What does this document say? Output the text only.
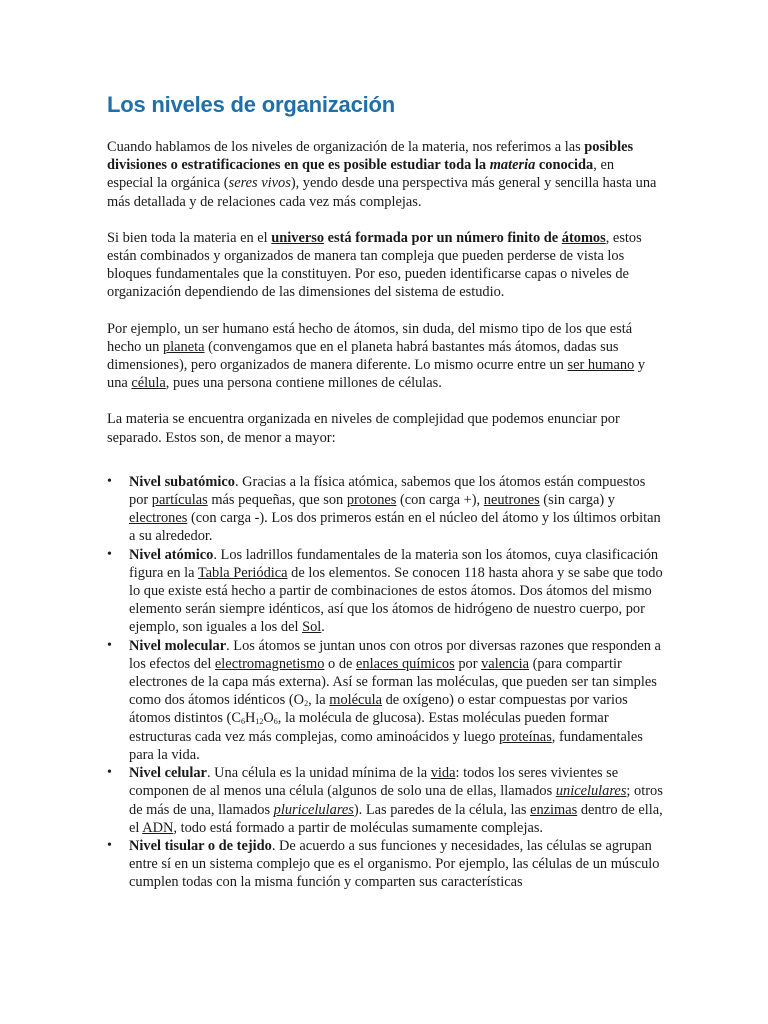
Los niveles de organización

Cuando hablamos de los niveles de organización de la materia, nos referimos a las posibles divisiones o estratificaciones en que es posible estudiar toda la materia conocida, en especial la orgánica (seres vivos), yendo desde una perspectiva más general y sencilla hasta una más detallada y de relaciones cada vez más complejas.

Si bien toda la materia en el universo está formada por un número finito de átomos, estos están combinados y organizados de manera tan compleja que pueden perderse de vista los bloques fundamentales que la constituyen. Por eso, pueden identificarse capas o niveles de organización dependiendo de las dimensiones del sistema de estudio.

Por ejemplo, un ser humano está hecho de átomos, sin duda, del mismo tipo de los que está hecho un planeta (convengamos que en el planeta habrá bastantes más átomos, dadas sus dimensiones), pero organizados de manera diferente. Lo mismo ocurre entre un ser humano y una célula, pues una persona contiene millones de células.

La materia se encuentra organizada en niveles de complejidad que podemos enunciar por separado. Estos son, de menor a mayor:

• Nivel subatómico. Gracias a la física atómica, sabemos que los átomos están compuestos por partículas más pequeñas, que son protones (con carga +), neutrones (sin carga) y electrones (con carga -). Los dos primeros están en el núcleo del átomo y los últimos orbitan a su alrededor.
• Nivel atómico. Los ladrillos fundamentales de la materia son los átomos, cuya clasificación figura en la Tabla Periódica de los elementos. Se conocen 118 hasta ahora y se sabe que todo lo que existe está hecho a partir de combinaciones de estos átomos. Dos átomos del mismo elemento serán siempre idénticos, así que los átomos de hidrógeno de nuestro cuerpo, por ejemplo, son iguales a los del Sol.
• Nivel molecular. Los átomos se juntan unos con otros por diversas razones que responden a los efectos del electromagnetismo o de enlaces químicos por valencia (para compartir electrones de la capa más externa). Así se forman las moléculas, que pueden ser tan simples como dos átomos idénticos ($O_2$, la molécula de oxígeno) o estar compuestas por varios átomos distintos ($C_6H_{12}O_6$, la molécula de glucosa). Estas moléculas pueden formar estructuras cada vez más complejas, como aminoácidos y luego proteínas, fundamentales para la vida.
• Nivel celular. Una célula es la unidad mínima de la vida: todos los seres vivientes se componen de al menos una célula (algunos de solo una de ellas, llamados unicelulares; otros de más de una, llamados pluricelulares). Las paredes de la célula, las enzimas dentro de ella, el ADN, todo está formado a partir de moléculas sumamente complejas.
• Nivel tisular o de tejido. De acuerdo a sus funciones y necesidades, las células se agrupan entre sí en un sistema complejo que es el organismo. Por ejemplo, las células de un músculo cumplen todas con la misma función y comparten sus características
